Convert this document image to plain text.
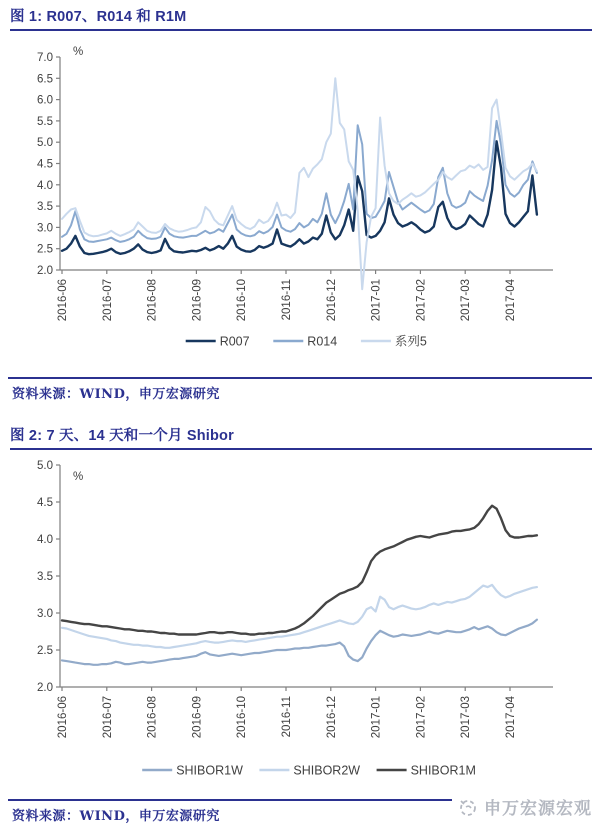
图 1: R007、R014 和 R1M
2.0
2.5
3.0
3.5
4.0
4.5
5.0
5.5
6.0
6.5
7.0
2016-06	2016-07	2016-08	2016-09	2016-10	2016-11	2016-12	2017-01	2017-02	2017-03	2017-04
%
R007	R014	系列5
资料来源：WIND，申万宏源研究
图 2: 7 天、14 天和一个月 Shibor
2.0
2.5
3.0
3.5
4.0
4.5
5.0
2016-06	2016-07	2016-08	2016-09	2016-10	2016-11	2016-12	2017-01	2017-02	2017-03	2017-04
%
SHIBOR1W	SHIBOR2W	SHIBOR1M
资料来源：WIND，申万宏源研究	申万宏源宏观
